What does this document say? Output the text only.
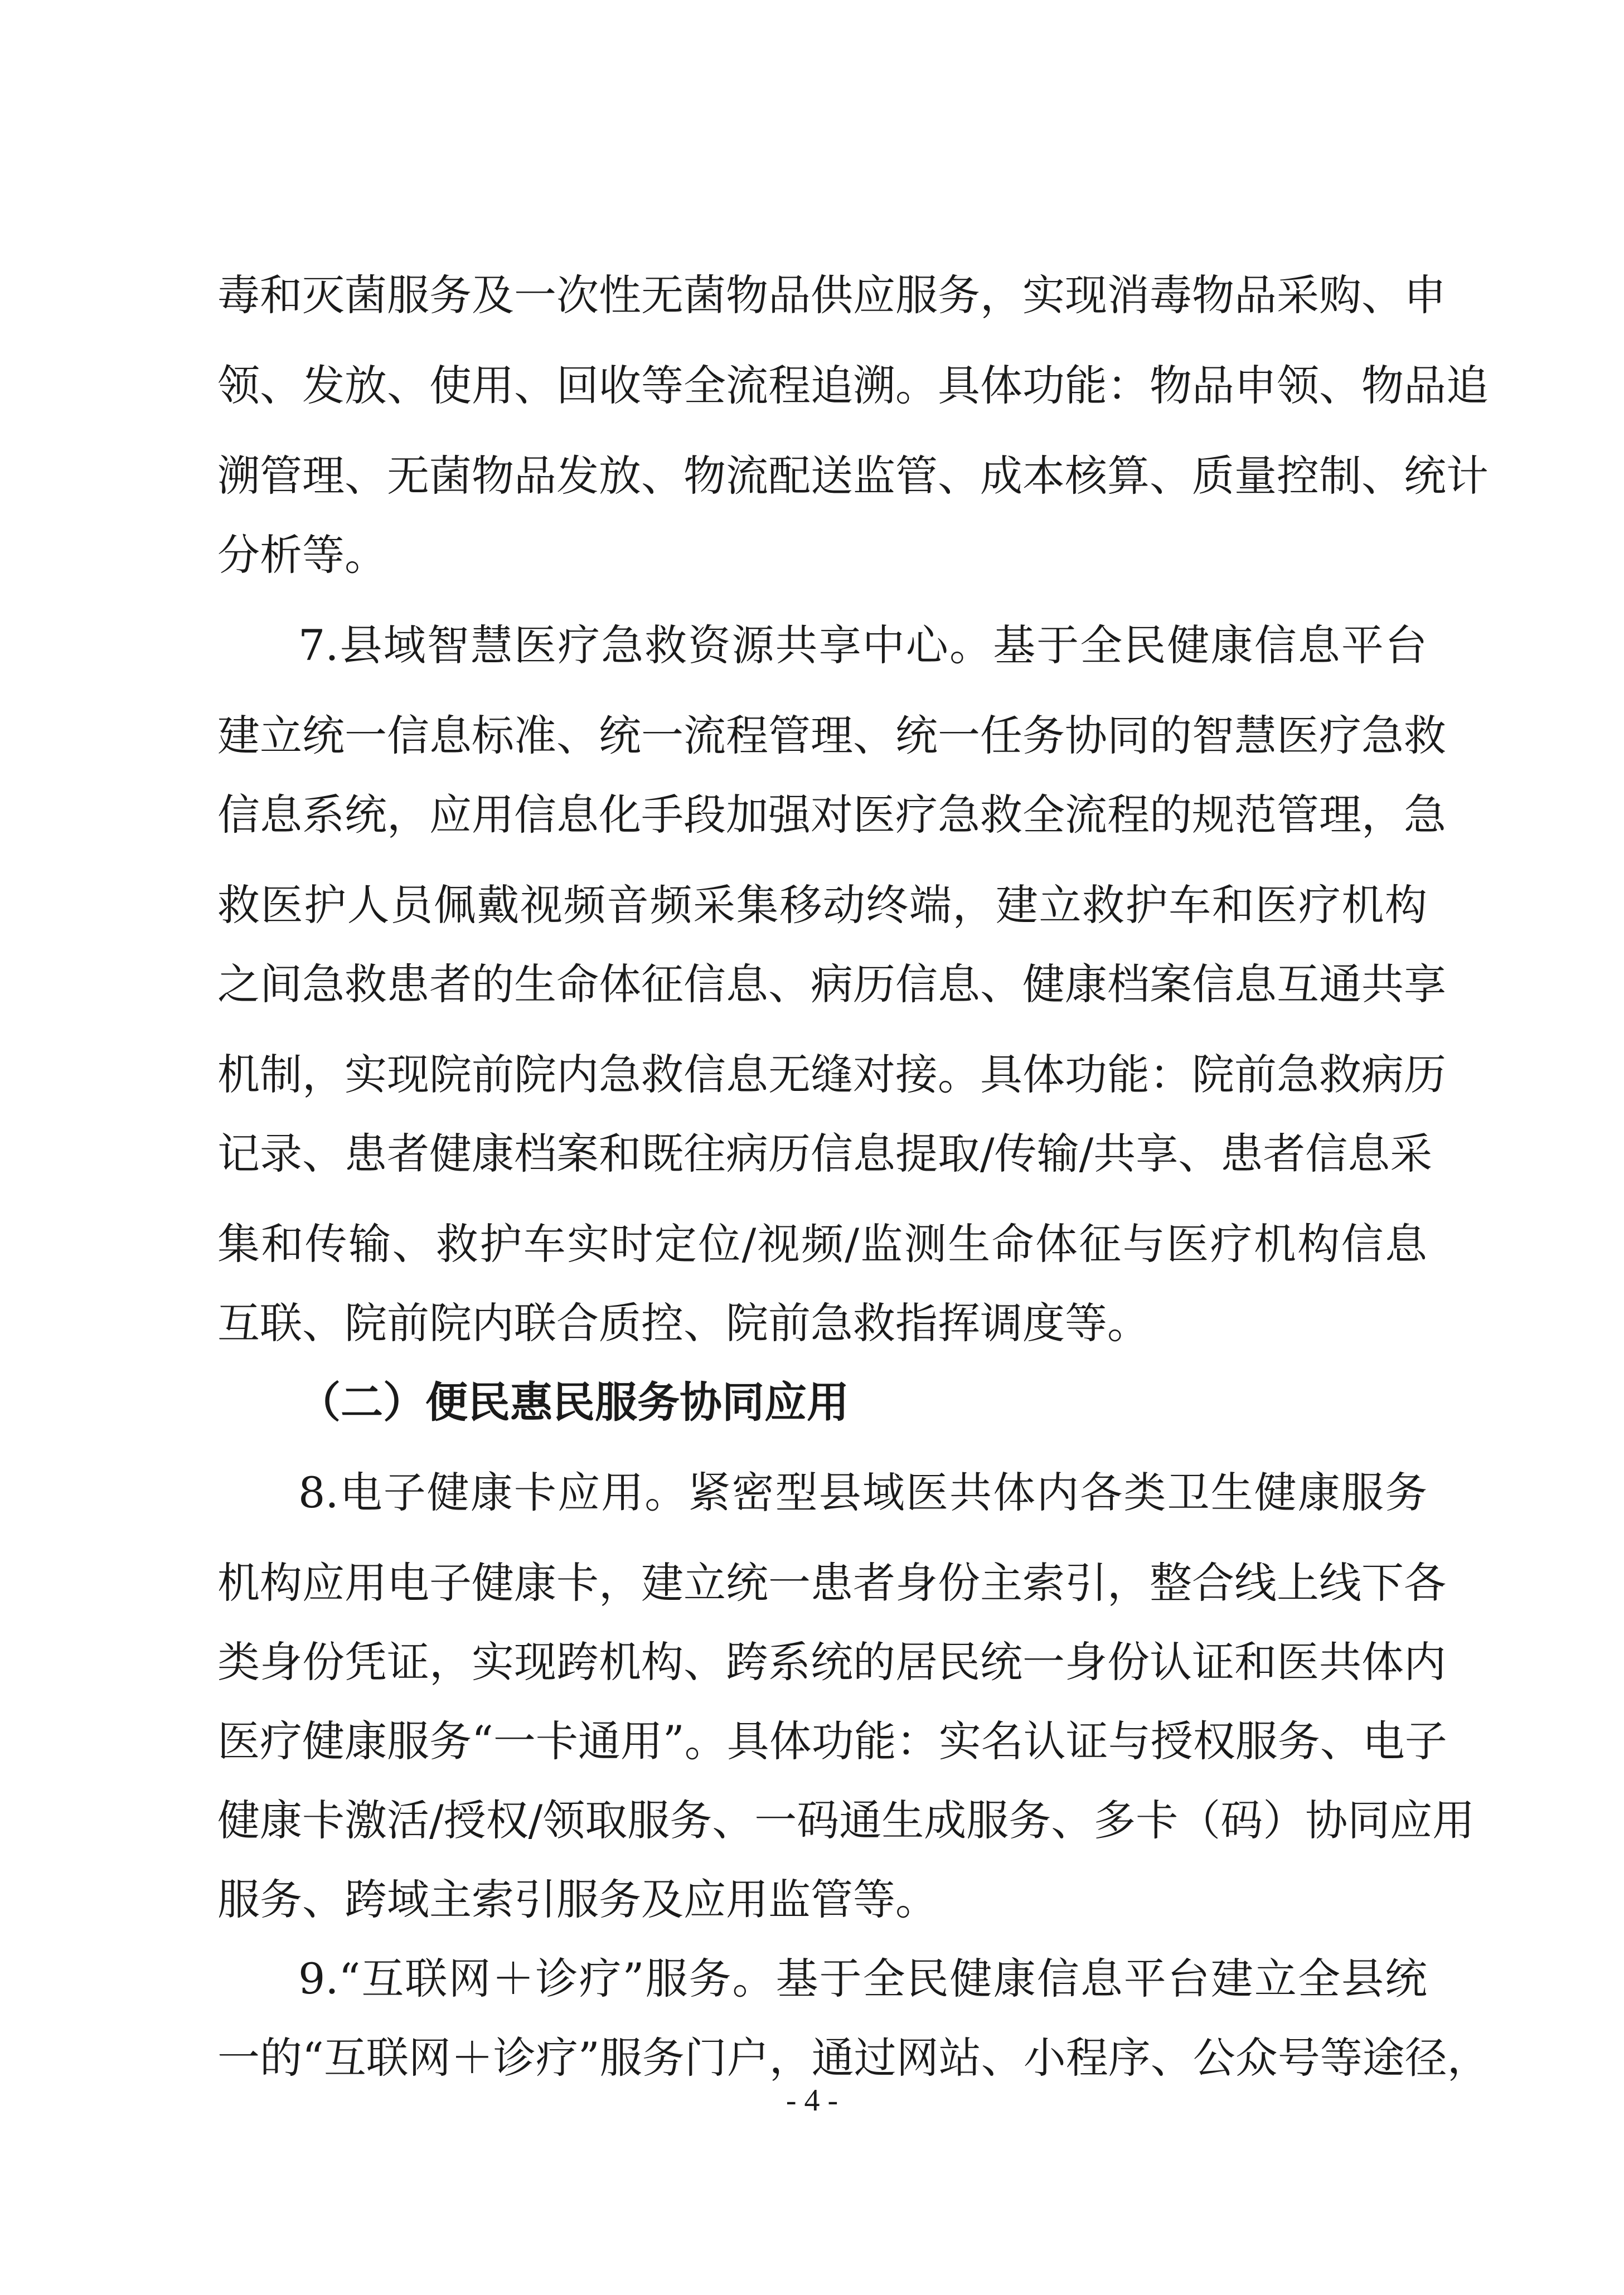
毒和灭菌服务及一次性无菌物品供应服务，实现消毒物品采购、申
领、发放、使用、回收等全流程追溯。具体功能：物品申领、物品追
溯管理、无菌物品发放、物流配送监管、成本核算、质量控制、统计
分析等。
7.县域智慧医疗急救资源共享中心。基于全民健康信息平台
建立统一信息标准、统一流程管理、统一任务协同的智慧医疗急救
信息系统，应用信息化手段加强对医疗急救全流程的规范管理，急
救医护人员佩戴视频音频采集移动终端，建立救护车和医疗机构
之间急救患者的生命体征信息、病历信息、健康档案信息互通共享
机制，实现院前院内急救信息无缝对接。具体功能：院前急救病历
记录、患者健康档案和既往病历信息提取/传输/共享、患者信息采
集和传输、救护车实时定位/视频/监测生命体征与医疗机构信息
互联、院前院内联合质控、院前急救指挥调度等。
（二）便民惠民服务协同应用
8.电子健康卡应用。紧密型县域医共体内各类卫生健康服务
机构应用电子健康卡，建立统一患者身份主索引，整合线上线下各
类身份凭证，实现跨机构、跨系统的居民统一身份认证和医共体内
医疗健康服务“一卡通用”。具体功能：实名认证与授权服务、电子
健康卡激活/授权/领取服务、一码通生成服务、多卡（码）协同应用
服务、跨域主索引服务及应用监管等。
9.“互联网＋诊疗”服务。基于全民健康信息平台建立全县统
一的“互联网＋诊疗”服务门户，通过网站、小程序、公众号等途径，
- 4 -
